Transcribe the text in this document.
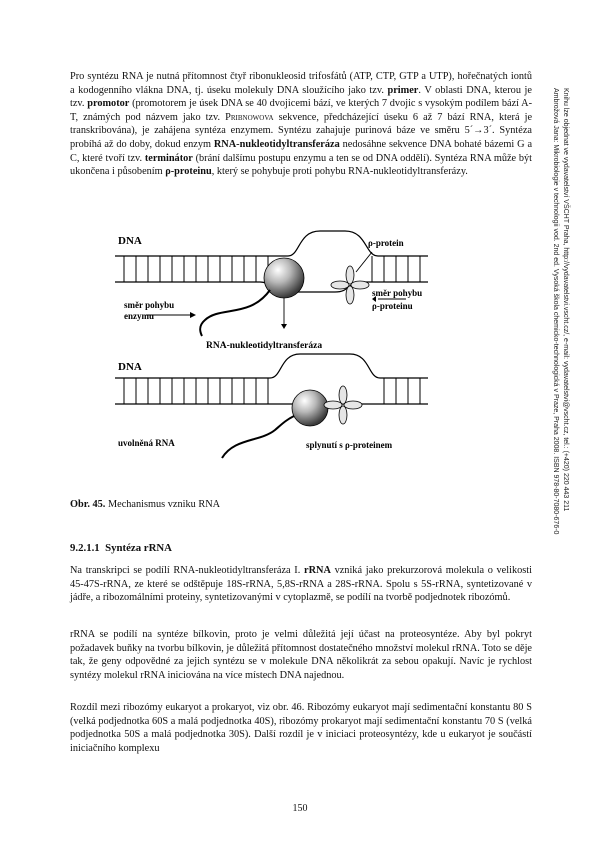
Pro syntézu RNA je nutná přítomnost čtyř ribonukleosid trifosfátů (ATP, CTP, GTP a UTP), hořečnatých iontů a kodogenního vlákna DNA, tj. úseku molekuly DNA sloužícího jako tzv. primer. V oblasti DNA, kterou je tzv. promotor (promotorem je úsek DNA se 40 dvojicemi bází, ve kterých 7 dvojic s vysokým podílem bází A-T, známých pod názvem jako tzv. Pribnowova sekvence, předcházející úseku 6 až 7 bází RNA, která je transkribována), je zahájena syntéza enzymem. Syntézu zahajuje purinová báze ve směru 5´→3´. Syntéza probíhá až do doby, dokud enzym RNA-nukleotidyltransferáza nedosáhne sekvence DNA bohaté bázemi G a C, které tvoří tzv. terminátor (brání dalšímu postupu enzymu a ten se od DNA oddělí). Syntéza RNA může být ukončena i působením ρ-proteinu, který se pohybuje proti pohybu RNA-nukleotidyltransferázy.

DNA	ρ-protein
směr pohybu
enzymu
směr pohybu
ρ-proteinu
RNA-nukleotidyltransferáza
DNA
uvolněná RNA	splynutí s ρ-proteinem
Obr. 45. Mechanismus vzniku RNA
9.2.1.1 Syntéza rRNA

Na transkripci se podílí RNA-nukleotidyltransferáza I. rRNA vzniká jako prekurzorová molekula o velikosti 45-47S-rRNA, ze které se odštěpuje 18S-rRNA, 5,8S-rRNA a 28S-rRNA. Spolu s 5S-rRNA, syntetizované v jádře, a ribozomálními proteiny, syntetizovanými v cytoplazmě, se podílí na tvorbě podjednotek ribozómů.

rRNA se podílí na syntéze bílkovin, proto je velmi důležitá její účast na proteosyntéze. Aby byl pokryt požadavek buňky na tvorbu bílkovin, je důležitá přítomnost dostatečného množství molekul rRNA. Toto se děje tak, že geny odpovědné za jejich syntézu se v molekule DNA několikrát za sebou opakují. Navíc je rychlost syntézy molekul rRNA iniciována na více místech DNA najednou.

Rozdíl mezi ribozómy eukaryot a prokaryot, viz obr. 46. Ribozómy eukaryot mají sedimentační konstantu 80 S (velká podjednotka 60S a malá podjednotka 40S), ribozómy prokaryot mají sedimentační konstantu 70 S (velká podjednotka 50S a malá podjednotka 30S). Další rozdíl je v iniciaci proteosyntézy, kde u eukaryot je součástí iniciačního komplexu

150
Ambrožová Jana: Mikrobiologie v technologii vod. 2nd ed. Vysoká škola chemicko-technologická v Praze, Praha 2008. ISBN 978-80-7080-676-0 Knihu lze objednat ve vydavatelství VŠCHT Praha, http://vydavatelstvi.vscht.cz/, e-mail: vydavatelstvi@vscht.cz, tel.: (+420) 220 443 211
